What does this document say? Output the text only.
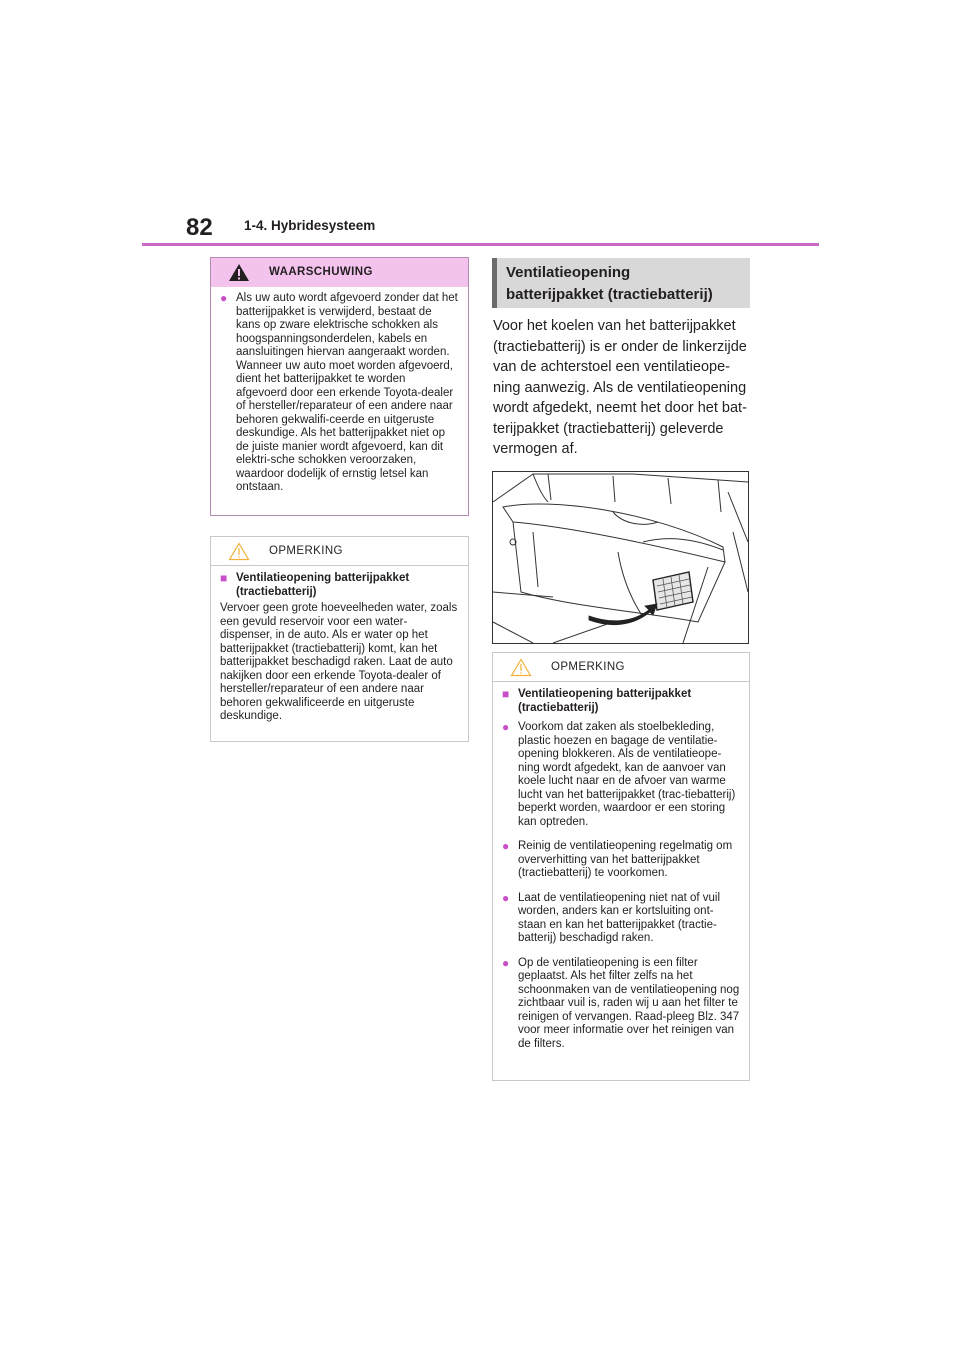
82 1-4. Hybridesysteem
WAARSCHUWING
● Als uw auto wordt afgevoerd zonder dat het batterijpakket is verwijderd, bestaat de kans op zware elektrische schokken als hoogspanningsonderdelen, kabels en aansluitingen hiervan aangeraakt worden. Wanneer uw auto moet worden afgevoerd, dient het batterijpakket te worden afgevoerd door een erkende Toyota-dealer of hersteller/reparateur of een andere naar behoren gekwalifi-ceerde en uitgeruste deskundige. Als het batterijpakket niet op de juiste manier wordt afgevoerd, kan dit elektri-sche schokken veroorzaken, waardoor dodelijk of ernstig letsel kan ontstaan.

OPMERKING
■ Ventilatieopening batterijpakket (tractiebatterij)

Vervoer geen grote hoeveelheden water, zoals een gevuld reservoir voor een water-dispenser, in de auto. Als er water op het batterijpakket (tractiebatterij) komt, kan het batterijpakket beschadigd raken. Laat de auto nakijken door een erkende Toyota-dealer of hersteller/reparateur of een andere naar behoren gekwalificeerde en uitgeruste deskundige.

Ventilatieopening
batterijpakket (tractiebatterij)
Voor het koelen van het batterijpakket (tractiebatterij) is er onder de linkerzijde van de achterstoel een ventilatieope-ning aanwezig. Als de ventilatieopening wordt afgedekt, neemt het door het bat-terijpakket (tractiebatterij) geleverde vermogen af.
OPMERKING
■ Ventilatieopening batterijpakket (tractiebatterij)

● Voorkom dat zaken als stoelbekleding, plastic hoezen en bagage de ventilatie-opening blokkeren. Als de ventilatieope-ning wordt afgedekt, kan de aanvoer van koele lucht naar en de afvoer van warme lucht van het batterijpakket (trac-tiebatterij) beperkt worden, waardoor er een storing kan optreden.

● Reinig de ventilatieopening regelmatig om oververhitting van het batterijpakket (tractiebatterij) te voorkomen.

● Laat de ventilatieopening niet nat of vuil worden, anders kan er kortsluiting ont-staan en kan het batterijpakket (tractie-batterij) beschadigd raken.

● Op de ventilatieopening is een filter geplaatst. Als het filter zelfs na het schoonmaken van de ventilatieopening nog zichtbaar vuil is, raden wij u aan het filter te reinigen of vervangen. Raad-pleeg Blz. 347 voor meer informatie over het reinigen van de filters.
